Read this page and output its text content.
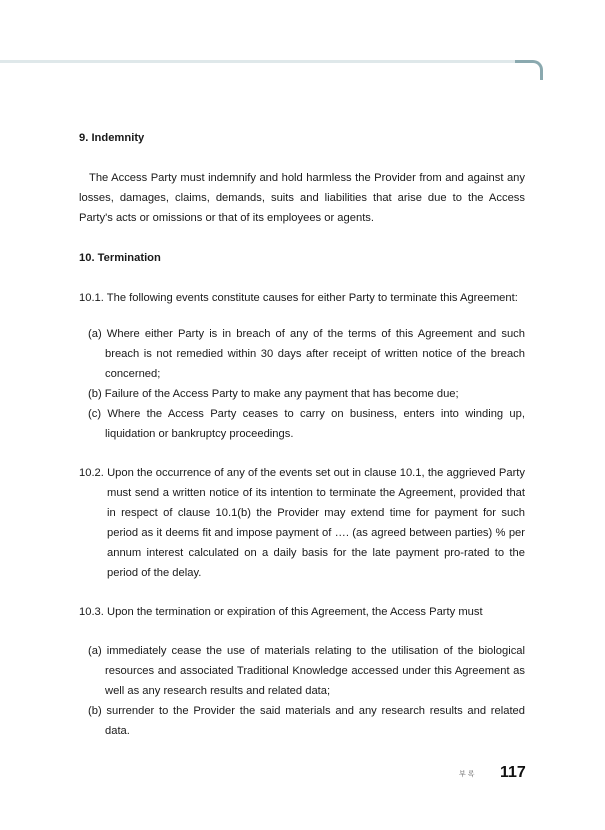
9. Indemnity

The Access Party must indemnify and hold harmless the Provider from and against any losses, damages, claims, demands, suits and liabilities that arise due to the Access Party's acts or omissions or that of its employees or agents.

10. Termination

10.1. The following events constitute causes for either Party to terminate this Agreement:

(a) Where either Party is in breach of any of the terms of this Agreement and such breach is not remedied within 30 days after receipt of written notice of the breach concerned;

(b) Failure of the Access Party to make any payment that has become due;

(c) Where the Access Party ceases to carry on business, enters into winding up, liquidation or bankruptcy proceedings.

10.2. Upon the occurrence of any of the events set out in clause 10.1, the aggrieved Party must send a written notice of its intention to terminate the Agreement, provided that in respect of clause 10.1(b) the Provider may extend time for payment for such period as it deems fit and impose payment of …. (as agreed between parties) % per annum interest calculated on a daily basis for the late payment pro-rated to the period of the delay.

10.3. Upon the termination or expiration of this Agreement, the Access Party must

(a) immediately cease the use of materials relating to the utilisation of the biological resources and associated Traditional Knowledge accessed under this Agreement as well as any research results and related data;

(b) surrender to the Provider the said materials and any research results and related data.

부록 117
